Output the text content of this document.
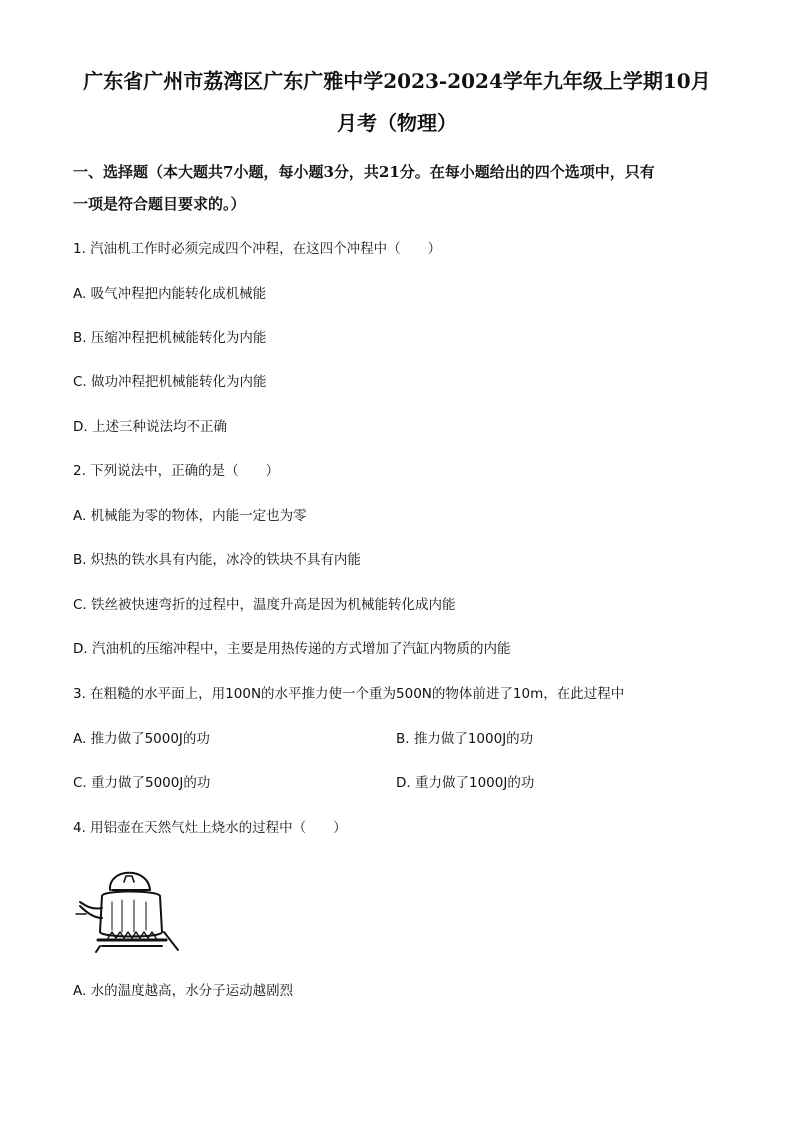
广东省广州市荔湾区广东广雅中学2023-2024学年九年级上学期10月
月考（物理）
一、选择题（本大题共7小题，每小题3分，共21分。在每小题给出的四个选项中，只有
一项是符合题目要求的。）
1. 汽油机工作时必须完成四个冲程，在这四个冲程中（　　）
A. 吸气冲程把内能转化成机械能
B. 压缩冲程把机械能转化为内能
C. 做功冲程把机械能转化为内能
D. 上述三种说法均不正确
2. 下列说法中，正确的是（　　）
A. 机械能为零的物体，内能一定也为零
B. 炽热的铁水具有内能，冰冷的铁块不具有内能
C. 铁丝被快速弯折的过程中，温度升高是因为机械能转化成内能
D. 汽油机的压缩冲程中，主要是用热传递的方式增加了汽缸内物质的内能
3. 在粗糙的水平面上，用100N的水平推力使一个重为500N的物体前进了10m，在此过程中
A. 推力做了5000J的功	B. 推力做了1000J的功
C. 重力做了5000J的功	D. 重力做了1000J的功
4. 用铝壶在天然气灶上烧水的过程中（　　）
A. 水的温度越高，水分子运动越剧烈
